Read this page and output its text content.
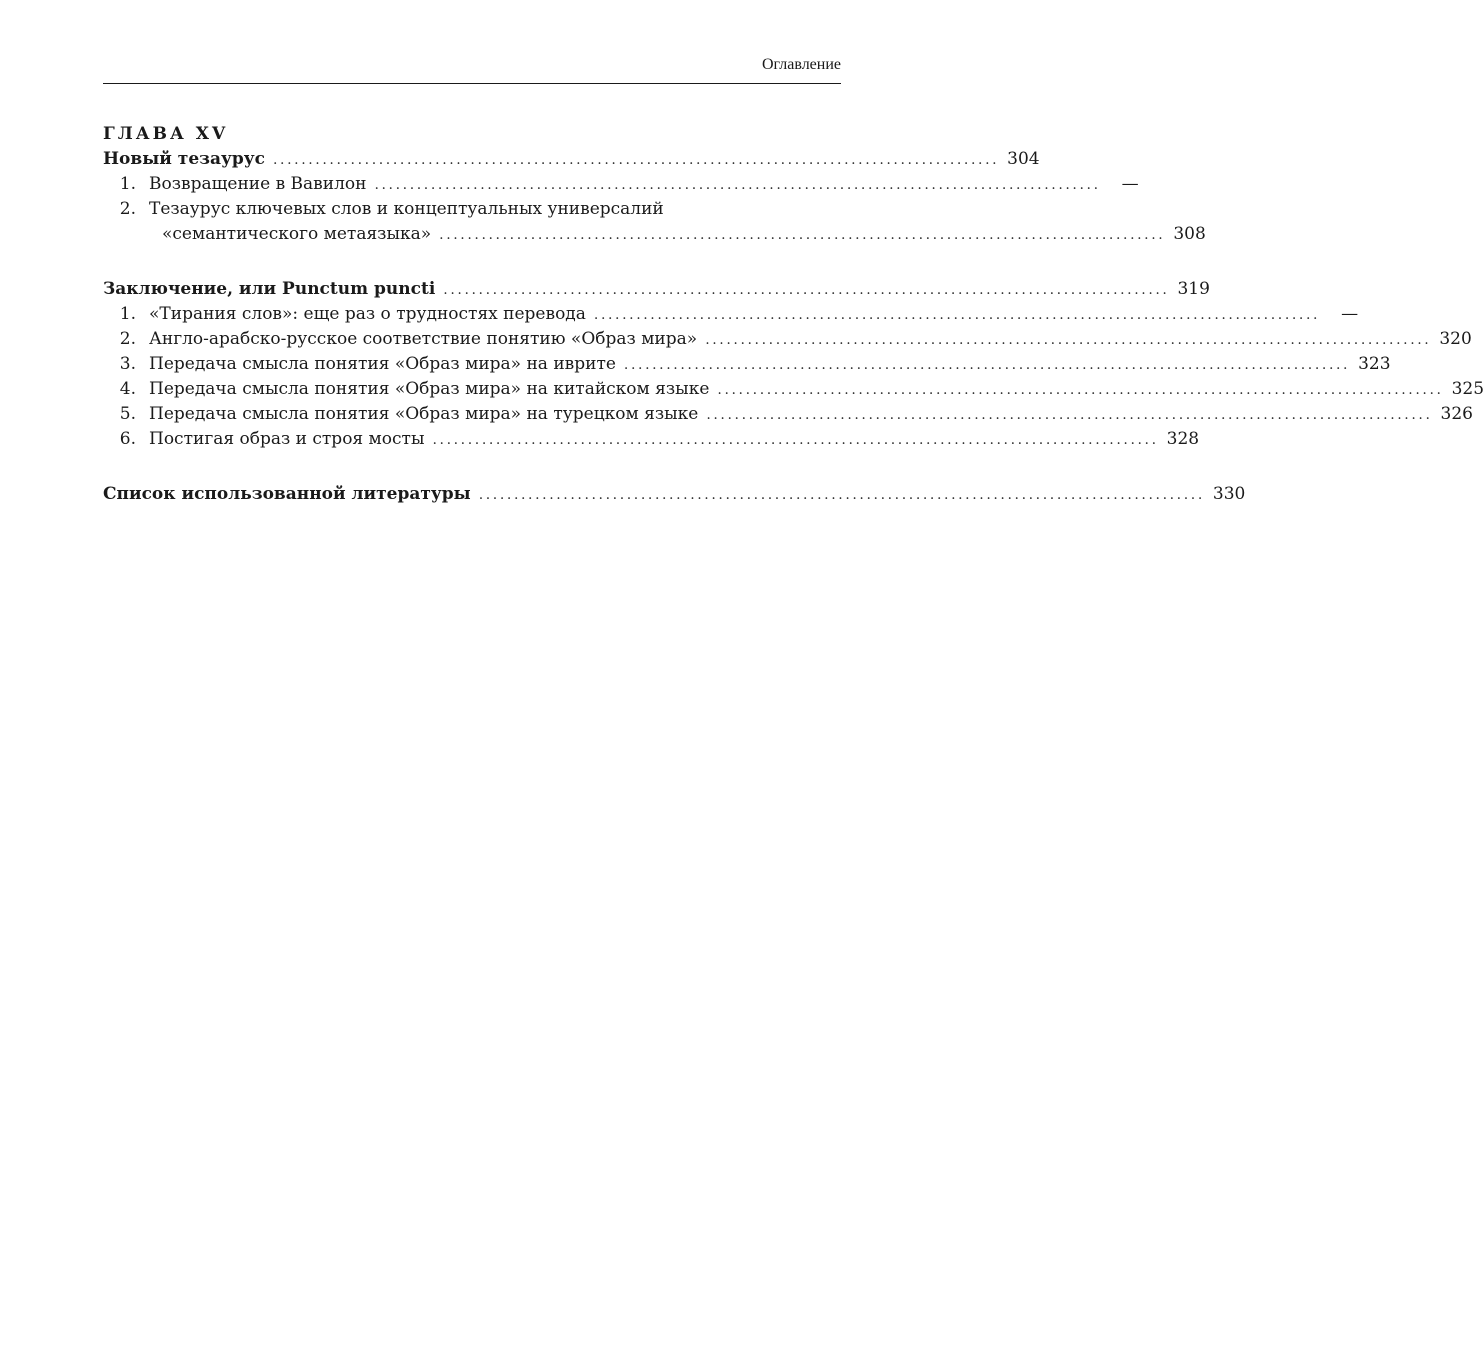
Оглавление
ГЛАВА XV
Новый тезаурус ....................................................................................................... 304
1. Возвращение в Вавилон .......................................................................................................	—
2. Тезаурус ключевых слов и концептуальных универсалий
«семантического метаязыка» ....................................................................................................... 308
Заключение, или Punctum puncti ....................................................................................................... 319
1. «Тирания слов»: еще раз о трудностях перевода .......................................................................................................	—
2. Англо-арабско-русское соответствие понятию «Образ мира» ....................................................................................................... 320
3. Передача смысла понятия «Образ мира» на иврите ....................................................................................................... 323
4. Передача смысла понятия «Образ мира» на китайском языке ....................................................................................................... 325
5. Передача смысла понятия «Образ мира» на турецком языке ....................................................................................................... 326
6. Постигая образ и строя мосты ....................................................................................................... 328
Список использованной литературы ....................................................................................................... 330
